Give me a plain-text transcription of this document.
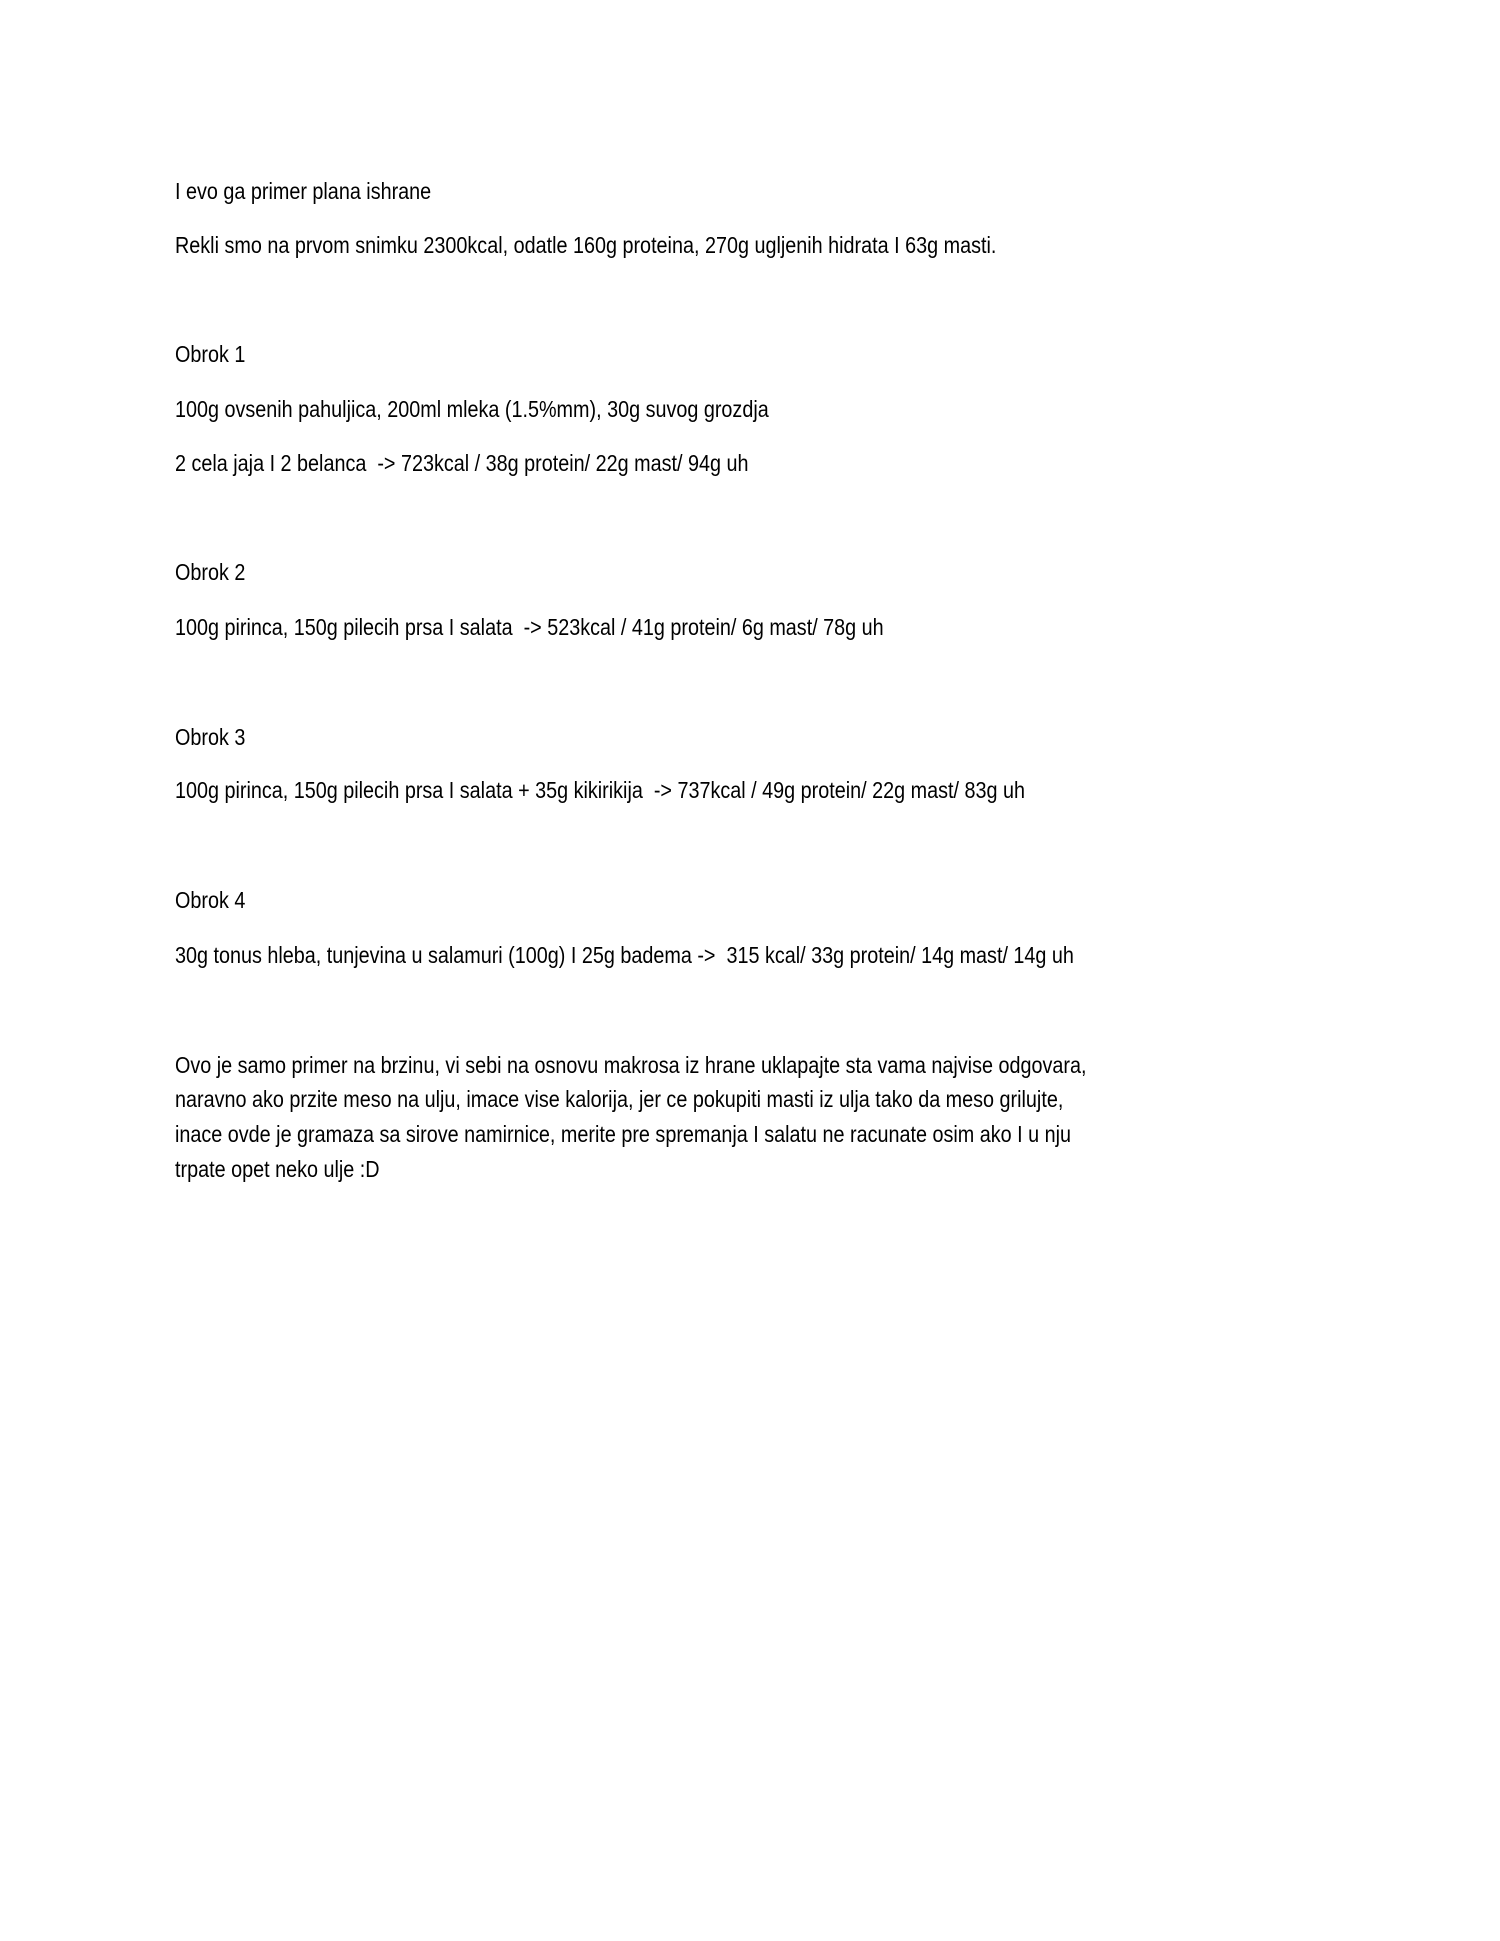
I evo ga primer plana ishrane
Rekli smo na prvom snimku 2300kcal, odatle 160g proteina, 270g ugljenih hidrata I 63g masti.
Obrok 1
100g ovsenih pahuljica, 200ml mleka (1.5%mm), 30g suvog grozdja
2 cela jaja I 2 belanca  -> 723kcal / 38g protein/ 22g mast/ 94g uh
Obrok 2
100g pirinca, 150g pilecih prsa I salata  -> 523kcal / 41g protein/ 6g mast/ 78g uh
Obrok 3
100g pirinca, 150g pilecih prsa I salata + 35g kikirikija  -> 737kcal / 49g protein/ 22g mast/ 83g uh
Obrok 4
30g tonus hleba, tunjevina u salamuri (100g) I 25g badema ->  315 kcal/ 33g protein/ 14g mast/ 14g uh
Ovo je samo primer na brzinu, vi sebi na osnovu makrosa iz hrane uklapajte sta vama najvise odgovara,
naravno ako przite meso na ulju, imace vise kalorija, jer ce pokupiti masti iz ulja tako da meso grilujte,
inace ovde je gramaza sa sirove namirnice, merite pre spremanja I salatu ne racunate osim ako I u nju
trpate opet neko ulje :D
